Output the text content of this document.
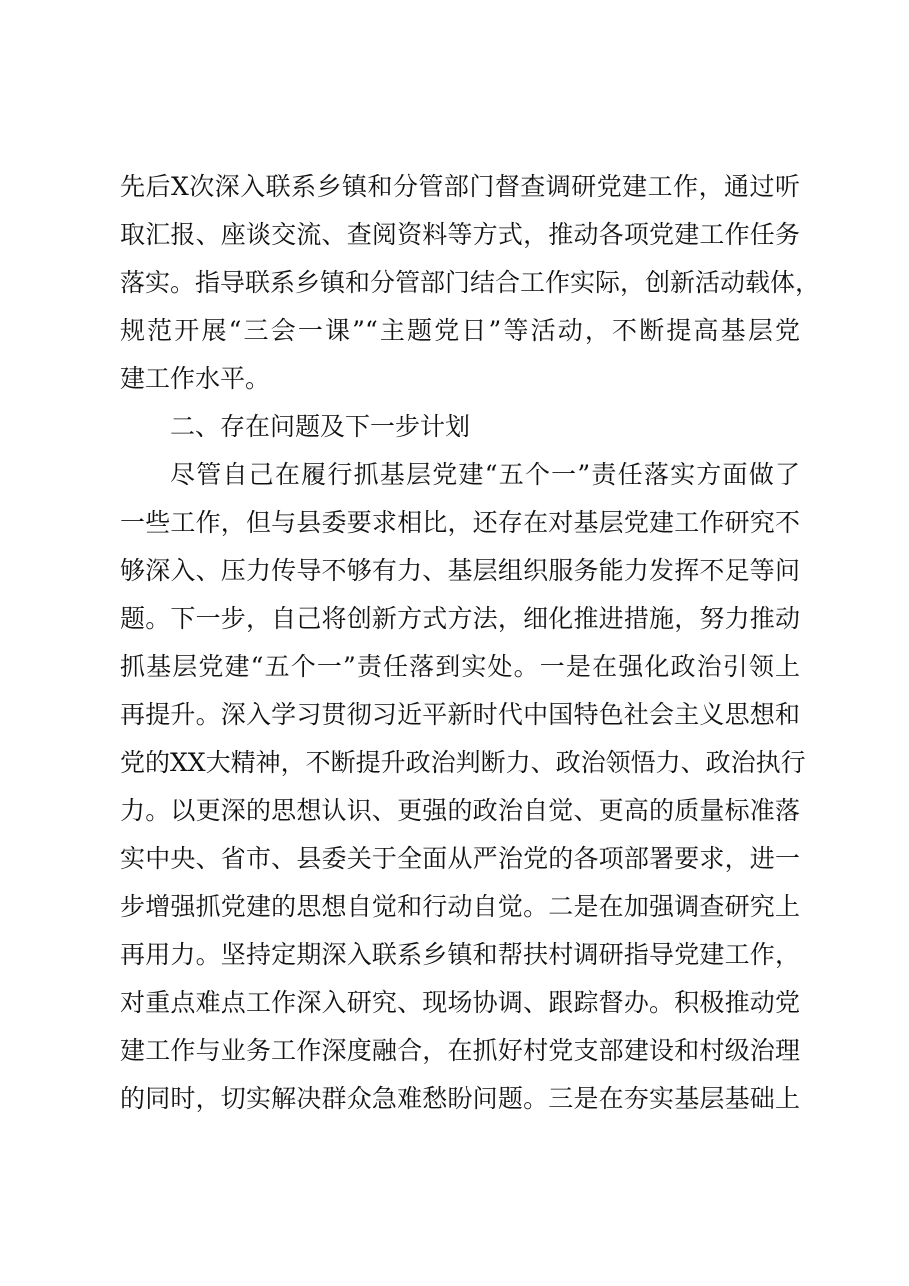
先后X次深入联系乡镇和分管部门督查调研党建工作，通过听
取汇报、座谈交流、查阅资料等方式，推动各项党建工作任务
落实。指导联系乡镇和分管部门结合工作实际，创新活动载体，
规范开展“三会一课”“主题党日”等活动，不断提高基层党
建工作水平。
二、存在问题及下一步计划
尽管自己在履行抓基层党建“五个一”责任落实方面做了
一些工作，但与县委要求相比，还存在对基层党建工作研究不
够深入、压力传导不够有力、基层组织服务能力发挥不足等问
题。下一步，自己将创新方式方法，细化推进措施，努力推动
抓基层党建“五个一”责任落到实处。一是在强化政治引领上
再提升。深入学习贯彻习近平新时代中国特色社会主义思想和
党的XX大精神，不断提升政治判断力、政治领悟力、政治执行
力。以更深的思想认识、更强的政治自觉、更高的质量标准落
实中央、省市、县委关于全面从严治党的各项部署要求，进一
步增强抓党建的思想自觉和行动自觉。二是在加强调查研究上
再用力。坚持定期深入联系乡镇和帮扶村调研指导党建工作，
对重点难点工作深入研究、现场协调、跟踪督办。积极推动党
建工作与业务工作深度融合，在抓好村党支部建设和村级治理
的同时，切实解决群众急难愁盼问题。三是在夯实基层基础上
